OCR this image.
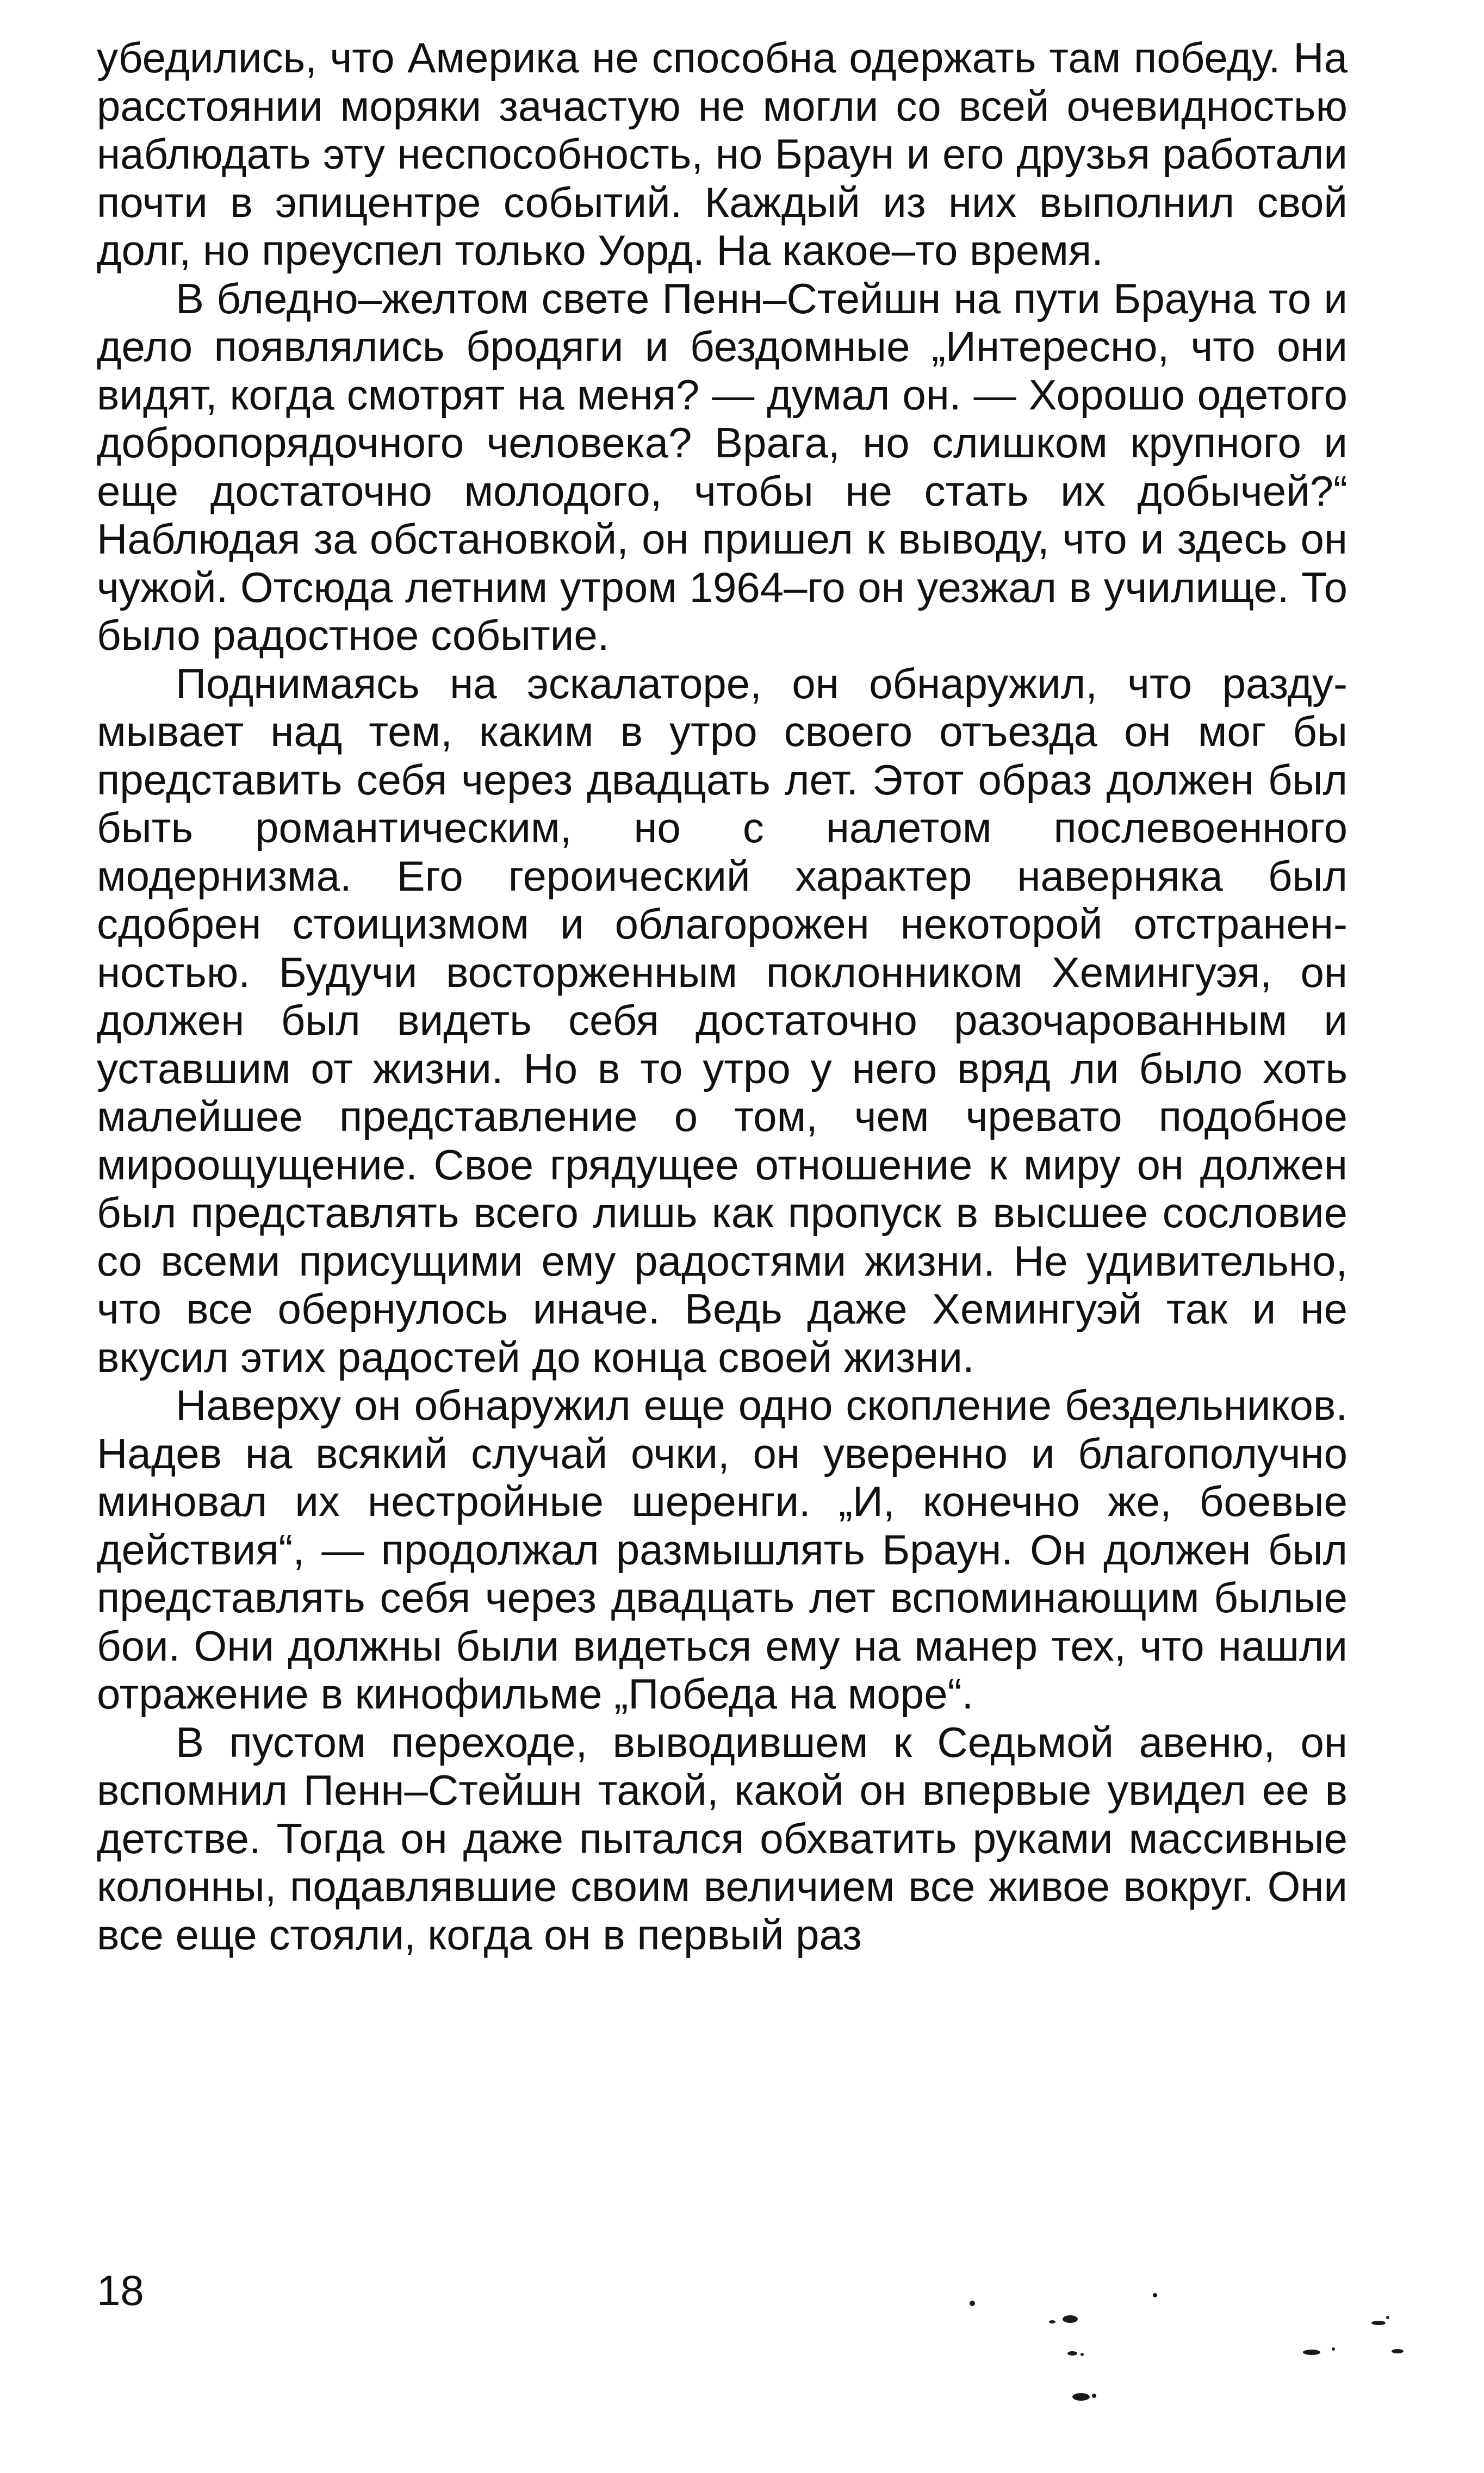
убедились, что Америка не способна одержать там победу. На расстоянии моряки зачастую не могли со всей очевидностью наблюдать эту неспособность, но Браун и его друзья работали почти в эпицентре событий. Каждый из них выполнил свой долг, но преуспел только Уорд. На какое–то время.

В бледно–желтом свете Пенн–Стейшн на пути Брауна то и дело появлялись бродяги и бездомные „Интересно, что они видят, когда смотрят на меня? — думал он. — Хорошо одетого добропорядочного человека? Врага, но слишком крупного и еще достаточно молодого, чтобы не стать их добычей?“ Наблюдая за обстановкой, он пришел к выводу, что и здесь он чужой. Отсюда летним утром 1964–го он уезжал в училище. То было радостное событие.

Поднимаясь на эскалаторе, он обнаружил, что раздумывает над тем, каким в утро своего отъезда он мог бы представить себя через двадцать лет. Этот образ должен был быть романтическим, но с налетом послевоенного модернизма. Его героический характер наверняка был сдобрен стоицизмом и облагорожен некоторой отстраненностью. Будучи восторженным поклонником Хемингуэя, он должен был видеть себя достаточно разочарованным и уставшим от жизни. Но в то утро у него вряд ли было хоть малейшее представление о том, чем чревато подобное мироощущение. Свое грядущее отношение к миру он должен был представлять всего лишь как пропуск в высшее сословие со всеми присущими ему радостями жизни. Не удивительно, что все обернулось иначе. Ведь даже Хемингуэй так и не вкусил этих радостей до конца своей жизни.

Наверху он обнаружил еще одно скопление бездельников. Надев на всякий случай очки, он уверенно и благополучно миновал их нестройные шеренги. „И, конечно же, боевые действия“, — продолжал размышлять Браун. Он должен был представлять себя через двадцать лет вспоминающим былые бои. Они должны были видеться ему на манер тех, что нашли отражение в кинофильме „Победа на море“.

В пустом переходе, выводившем к Седьмой авеню, он вспомнил Пенн–Стейшн такой, какой он впервые увидел ее в детстве. Тогда он даже пытался обхватить руками массивные колонны, подавлявшие своим величием все живое вокруг. Они все еще стояли, когда он в первый раз

18
